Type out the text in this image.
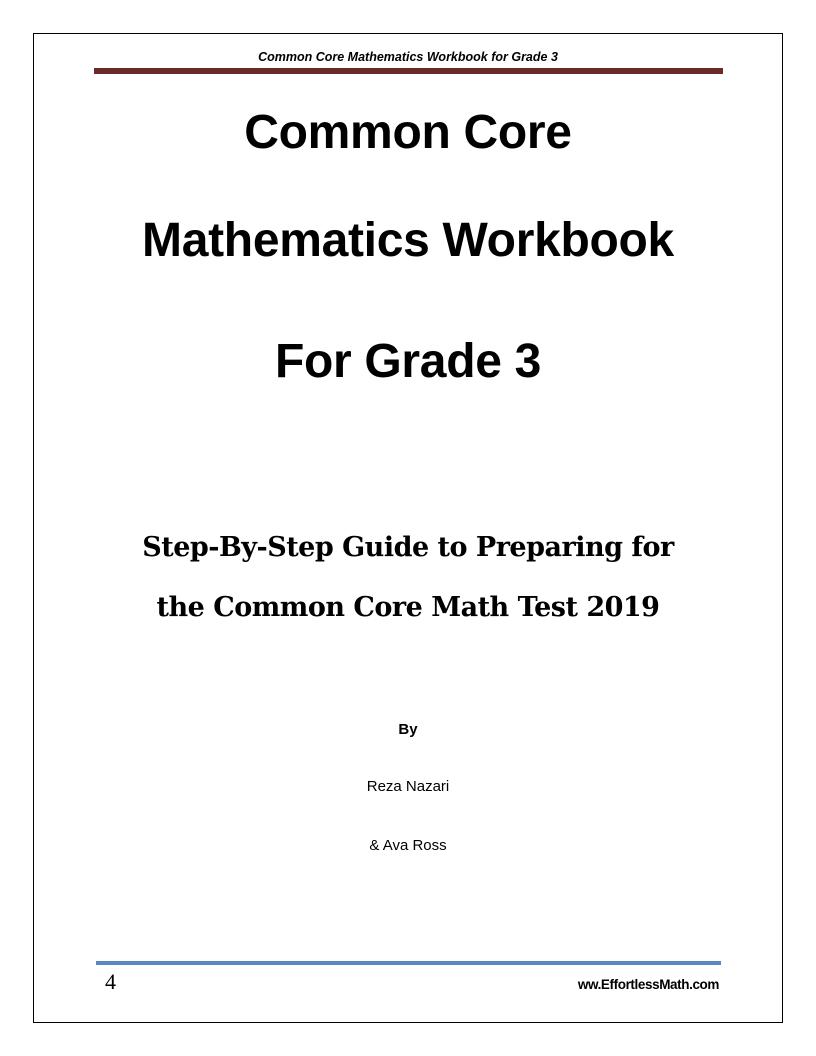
Common Core Mathematics Workbook for Grade 3
Common Core
Mathematics Workbook
For Grade 3
Step-By-Step Guide to Preparing for
the Common Core Math Test 2019
By
Reza Nazari
& Ava Ross
4	ww.EffortlessMath.com
